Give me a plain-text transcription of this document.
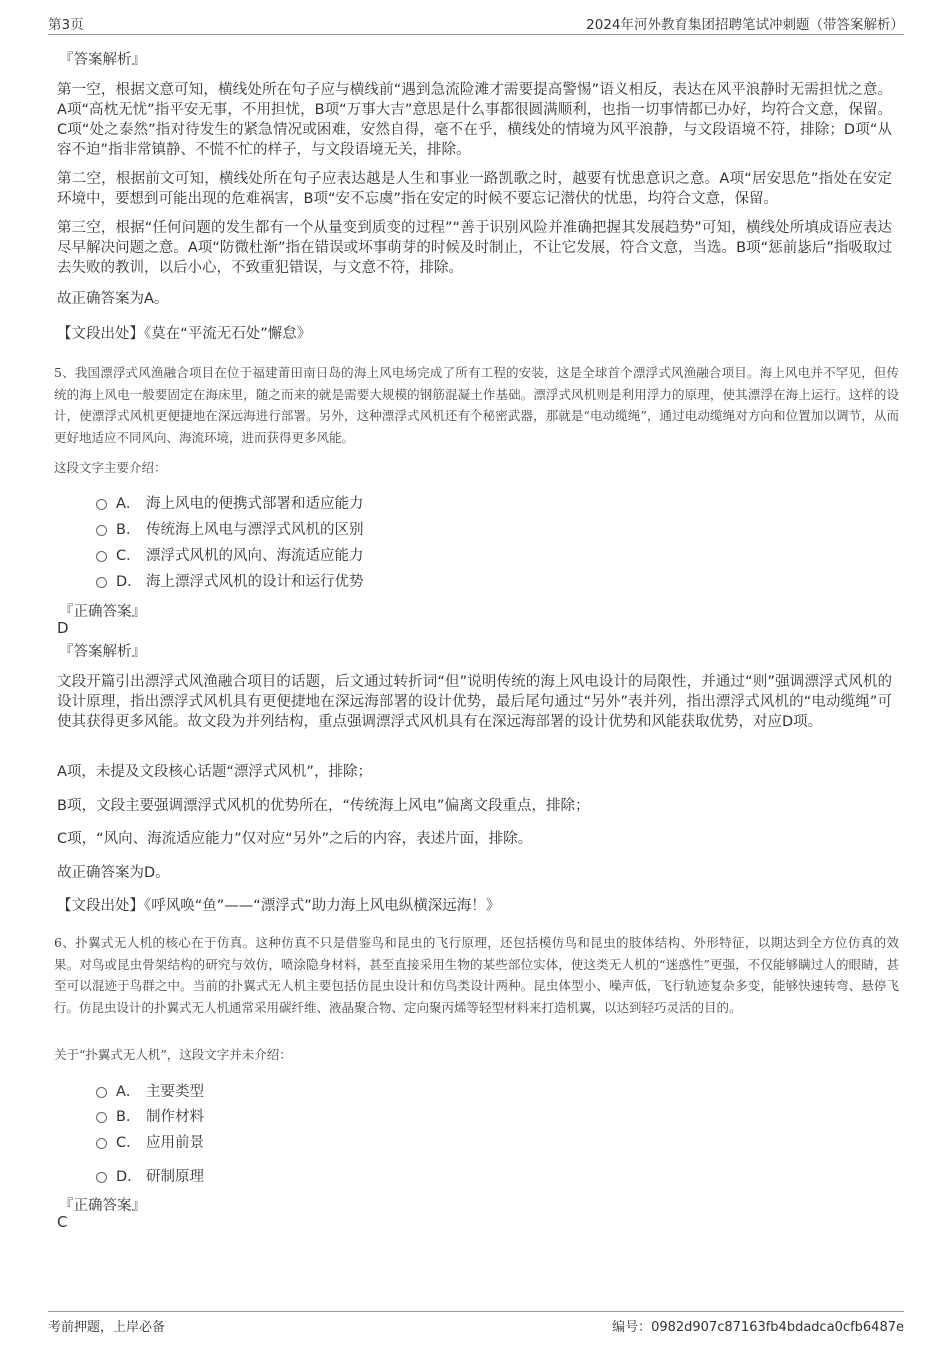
第3页	2024年河外教育集团招聘笔试冲刺题（带答案解析）
『答案解析』
第一空，根据文意可知，横线处所在句子应与横线前“遇到急流险滩才需要提高警惕”语义相反，表达在风平浪静时无需担忧之意。A项“高枕无忧”指平安无事，不用担忧，B项“万事大吉”意思是什么事都很圆满顺利，也指一切事情都已办好，均符合文意，保留。C项“处之泰然”指对待发生的紧急情况或困难，安然自得，毫不在乎，横线处的情境为风平浪静，与文段语境不符，排除；D项“从容不迫”指非常镇静、不慌不忙的样子，与文段语境无关，排除。
第二空，根据前文可知，横线处所在句子应表达越是人生和事业一路凯歌之时，越要有忧患意识之意。A项“居安思危”指处在安定环境中，要想到可能出现的危难祸害，B项“安不忘虞”指在安定的时候不要忘记潜伏的忧患，均符合文意，保留。
第三空，根据“任何问题的发生都有一个从量变到质变的过程”“善于识别风险并准确把握其发展趋势”可知，横线处所填成语应表达尽早解决问题之意。A项“防微杜渐”指在错误或坏事萌芽的时候及时制止，不让它发展，符合文意，当选。B项“惩前毖后”指吸取过去失败的教训，以后小心，不致重犯错误，与文意不符，排除。
故正确答案为A。
【文段出处】《莫在“平流无石处”懈怠》
5、我国漂浮式风渔融合项目在位于福建莆田南日岛的海上风电场完成了所有工程的安装，这是全球首个漂浮式风渔融合项目。海上风电并不罕见，但传统的海上风电一般要固定在海床里，随之而来的就是需要大规模的钢筋混凝土作基础。漂浮式风机则是利用浮力的原理，使其漂浮在海上运行。这样的设计，使漂浮式风机更便捷地在深远海进行部署。另外，这种漂浮式风机还有个秘密武器，那就是“电动缆绳”，通过电动缆绳对方向和位置加以调节，从而更好地适应不同风向、海流环境，进而获得更多风能。
这段文字主要介绍：
A． 海上风电的便携式部署和适应能力
B． 传统海上风电与漂浮式风机的区别
C． 漂浮式风机的风向、海流适应能力
D． 海上漂浮式风机的设计和运行优势
『正确答案』
D
『答案解析』
文段开篇引出漂浮式风渔融合项目的话题，后文通过转折词“但”说明传统的海上风电设计的局限性，并通过“则”强调漂浮式风机的设计原理，指出漂浮式风机具有更便捷地在深远海部署的设计优势，最后尾句通过“另外”表并列，指出漂浮式风机的“电动缆绳”可使其获得更多风能。故文段为并列结构，重点强调漂浮式风机具有在深远海部署的设计优势和风能获取优势，对应D项。
A项，未提及文段核心话题“漂浮式风机”，排除；
B项，文段主要强调漂浮式风机的优势所在，“传统海上风电”偏离文段重点，排除；
C项，“风向、海流适应能力”仅对应“另外”之后的内容，表述片面，排除。
故正确答案为D。
【文段出处】《呼风唤“鱼”——“漂浮式”助力海上风电纵横深远海！》
6、扑翼式无人机的核心在于仿真。这种仿真不只是借鉴鸟和昆虫的飞行原理，还包括模仿鸟和昆虫的肢体结构、外形特征，以期达到全方位仿真的效果。对鸟或昆虫骨架结构的研究与效仿，喷涂隐身材料，甚至直接采用生物的某些部位实体，使这类无人机的“迷惑性”更强，不仅能够瞒过人的眼睛，甚至可以混迹于鸟群之中。当前的扑翼式无人机主要包括仿昆虫设计和仿鸟类设计两种。昆虫体型小、噪声低，飞行轨迹复杂多变，能够快速转弯、悬停飞行。仿昆虫设计的扑翼式无人机通常采用碳纤维、液晶聚合物、定向聚丙烯等轻型材料来打造机翼，以达到轻巧灵活的目的。
关于“扑翼式无人机”，这段文字并未介绍：
A． 主要类型
B． 制作材料
C． 应用前景
D． 研制原理
『正确答案』
C
考前押题，上岸必备	编号：0982d907c87163fb4bdadca0cfb6487e
